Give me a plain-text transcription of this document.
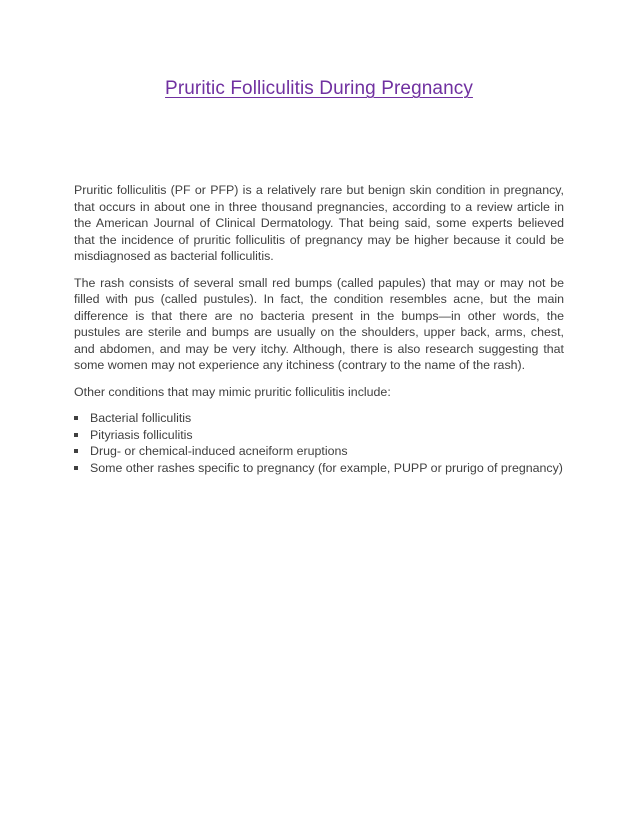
Pruritic Folliculitis During Pregnancy

Pruritic folliculitis (PF or PFP) is a relatively rare but benign skin condition in pregnancy, that occurs in about one in three thousand pregnancies, according to a review article in the American Journal of Clinical Dermatology. That being said, some experts believed that the incidence of pruritic folliculitis of pregnancy may be higher because it could be misdiagnosed as bacterial folliculitis.

The rash consists of several small red bumps (called papules) that may or may not be filled with pus (called pustules). In fact, the condition resembles acne, but the main difference is that there are no bacteria present in the bumps—in other words, the pustules are sterile and bumps are usually on the shoulders, upper back, arms, chest, and abdomen, and may be very itchy. Although, there is also research suggesting that some women may not experience any itchiness (contrary to the name of the rash).

Other conditions that may mimic pruritic folliculitis include:

Bacterial folliculitis
Pityriasis folliculitis
Drug- or chemical-induced acneiform eruptions
Some other rashes specific to pregnancy (for example, PUPP or prurigo of pregnancy)
